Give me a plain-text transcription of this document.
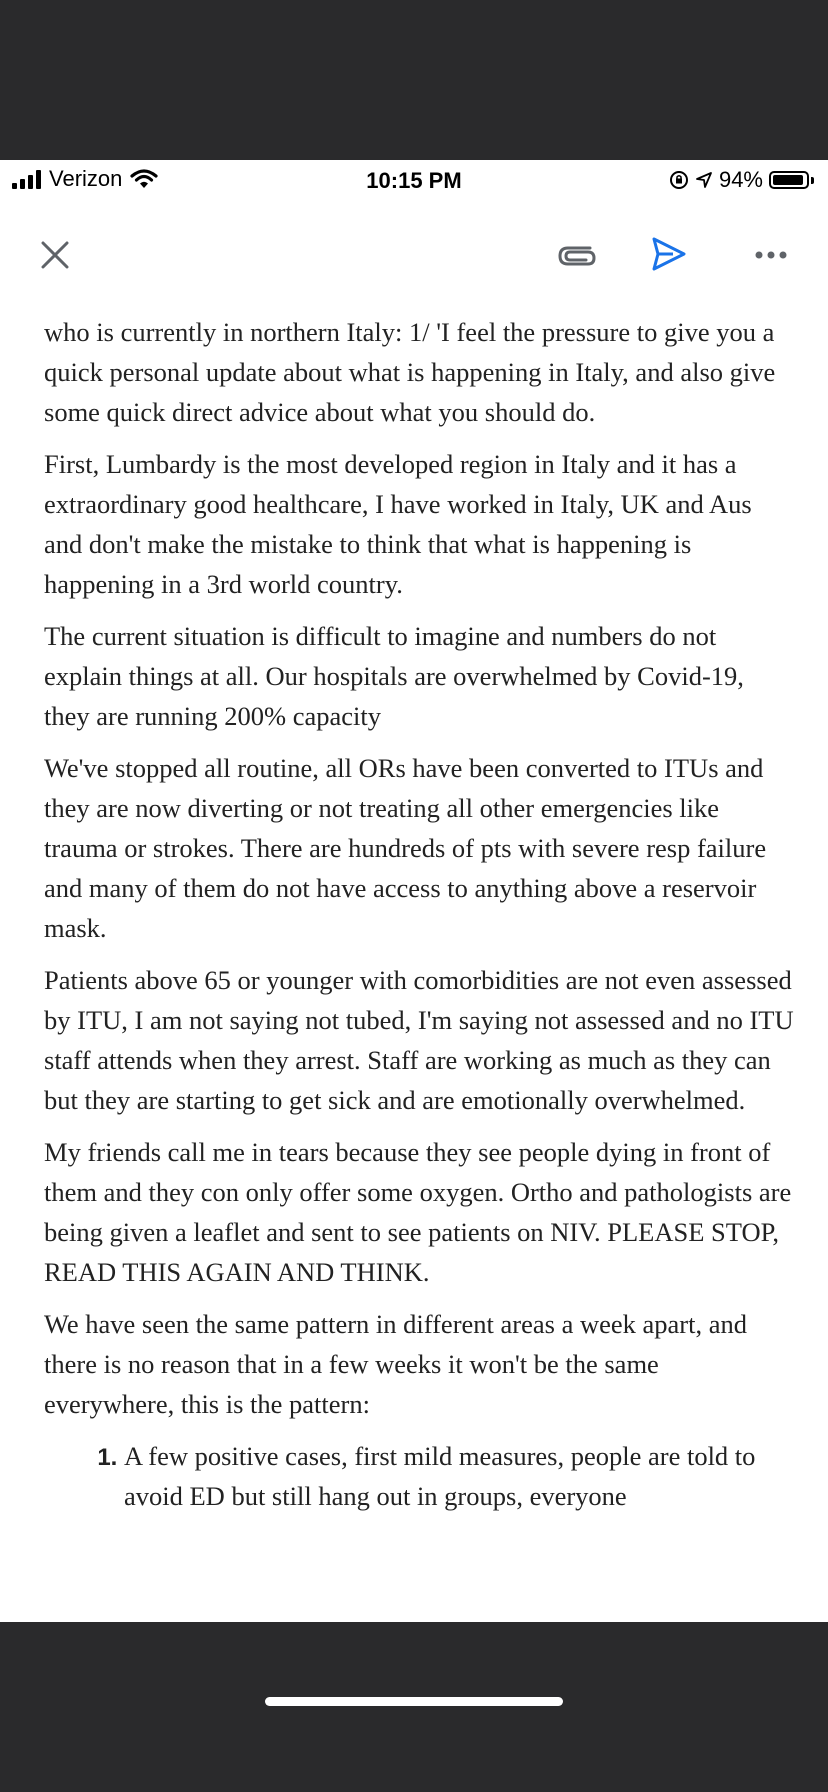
Verizon	10:15 PM	94%

who is currently in northern Italy: 1/ 'I feel the pressure to give you a quick personal update about what is happening in Italy, and also give some quick direct advice about what you should do.

First, Lumbardy is the most developed region in Italy and it has a extraordinary good healthcare, I have worked in Italy, UK and Aus and don't make the mistake to think that what is happening is happening in a 3rd world country.

The current situation is difficult to imagine and numbers do not explain things at all. Our hospitals are overwhelmed by Covid-19, they are running 200% capacity

We've stopped all routine, all ORs have been converted to ITUs and they are now diverting or not treating all other emergencies like trauma or strokes. There are hundreds of pts with severe resp failure and many of them do not have access to anything above a reservoir mask.

Patients above 65 or younger with comorbidities are not even assessed by ITU, I am not saying not tubed, I'm saying not assessed and no ITU staff attends when they arrest. Staff are working as much as they can but they are starting to get sick and are emotionally overwhelmed.

My friends call me in tears because they see people dying in front of them and they con only offer some oxygen. Ortho and pathologists are being given a leaflet and sent to see patients on NIV. PLEASE STOP, READ THIS AGAIN AND THINK.

We have seen the same pattern in different areas a week apart, and there is no reason that in a few weeks it won't be the same everywhere, this is the pattern:

1. A few positive cases, first mild measures, people are told to avoid ED but still hang out in groups, everyone
